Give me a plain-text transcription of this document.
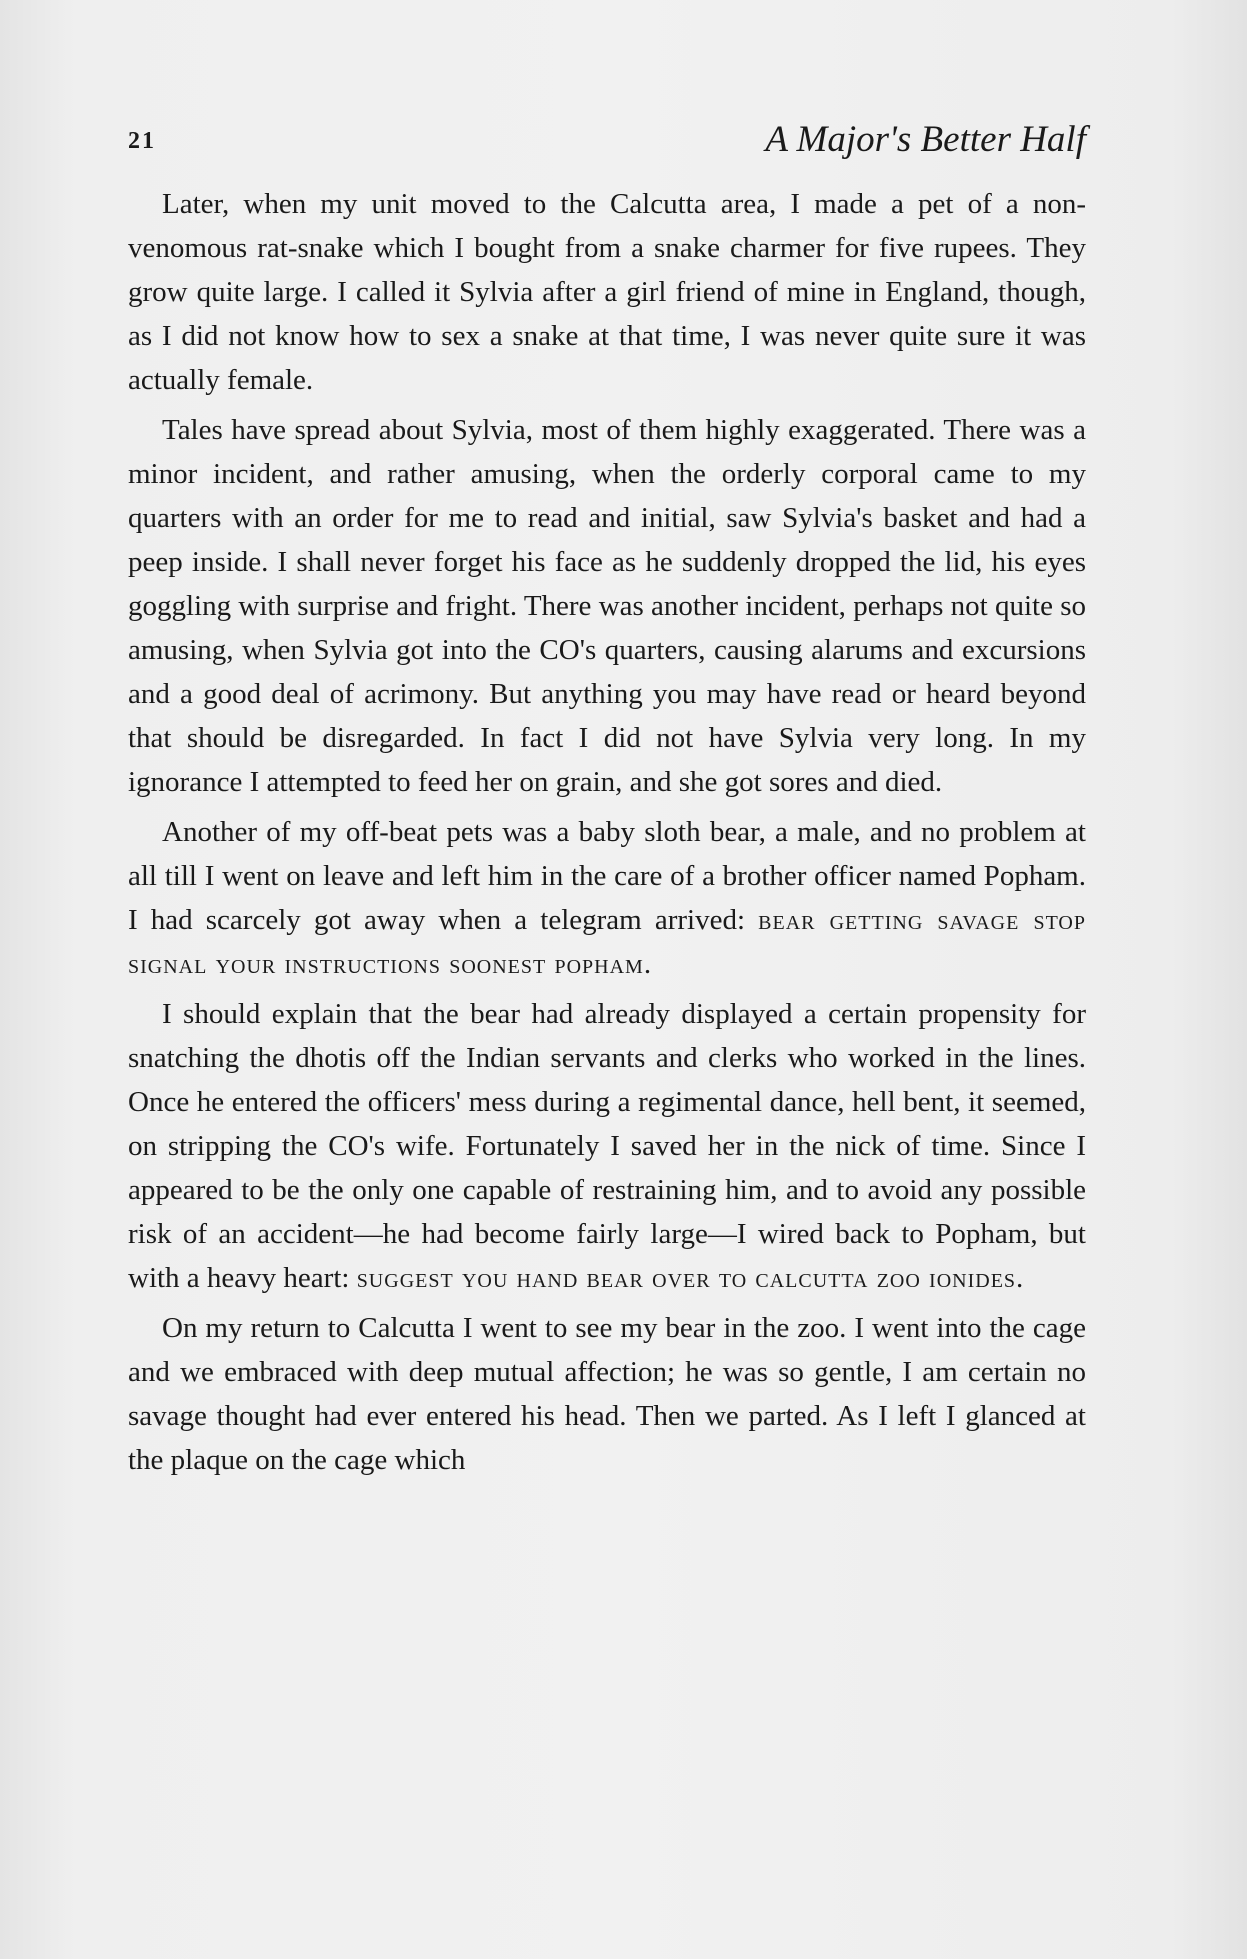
21	A Major's Better Half

Later, when my unit moved to the Calcutta area, I made a pet of a non-venomous rat-snake which I bought from a snake charmer for five rupees. They grow quite large. I called it Sylvia after a girl friend of mine in England, though, as I did not know how to sex a snake at that time, I was never quite sure it was actually female.

Tales have spread about Sylvia, most of them highly exaggerated. There was a minor incident, and rather amusing, when the orderly corporal came to my quarters with an order for me to read and initial, saw Sylvia's basket and had a peep inside. I shall never forget his face as he suddenly dropped the lid, his eyes goggling with surprise and fright. There was another incident, perhaps not quite so amusing, when Sylvia got into the CO's quarters, causing alarums and excursions and a good deal of acrimony. But anything you may have read or heard beyond that should be disregarded. In fact I did not have Sylvia very long. In my ignorance I attempted to feed her on grain, and she got sores and died.

Another of my off-beat pets was a baby sloth bear, a male, and no problem at all till I went on leave and left him in the care of a brother officer named Popham. I had scarcely got away when a telegram arrived: bear getting savage stop signal your instructions soonest popham.

I should explain that the bear had already displayed a certain propensity for snatching the dhotis off the Indian servants and clerks who worked in the lines. Once he entered the officers' mess during a regimental dance, hell bent, it seemed, on stripping the CO's wife. Fortunately I saved her in the nick of time. Since I appeared to be the only one capable of restraining him, and to avoid any possible risk of an accident—he had become fairly large—I wired back to Popham, but with a heavy heart: suggest you hand bear over to calcutta zoo ionides.

On my return to Calcutta I went to see my bear in the zoo. I went into the cage and we embraced with deep mutual affection; he was so gentle, I am certain no savage thought had ever entered his head. Then we parted. As I left I glanced at the plaque on the cage which
